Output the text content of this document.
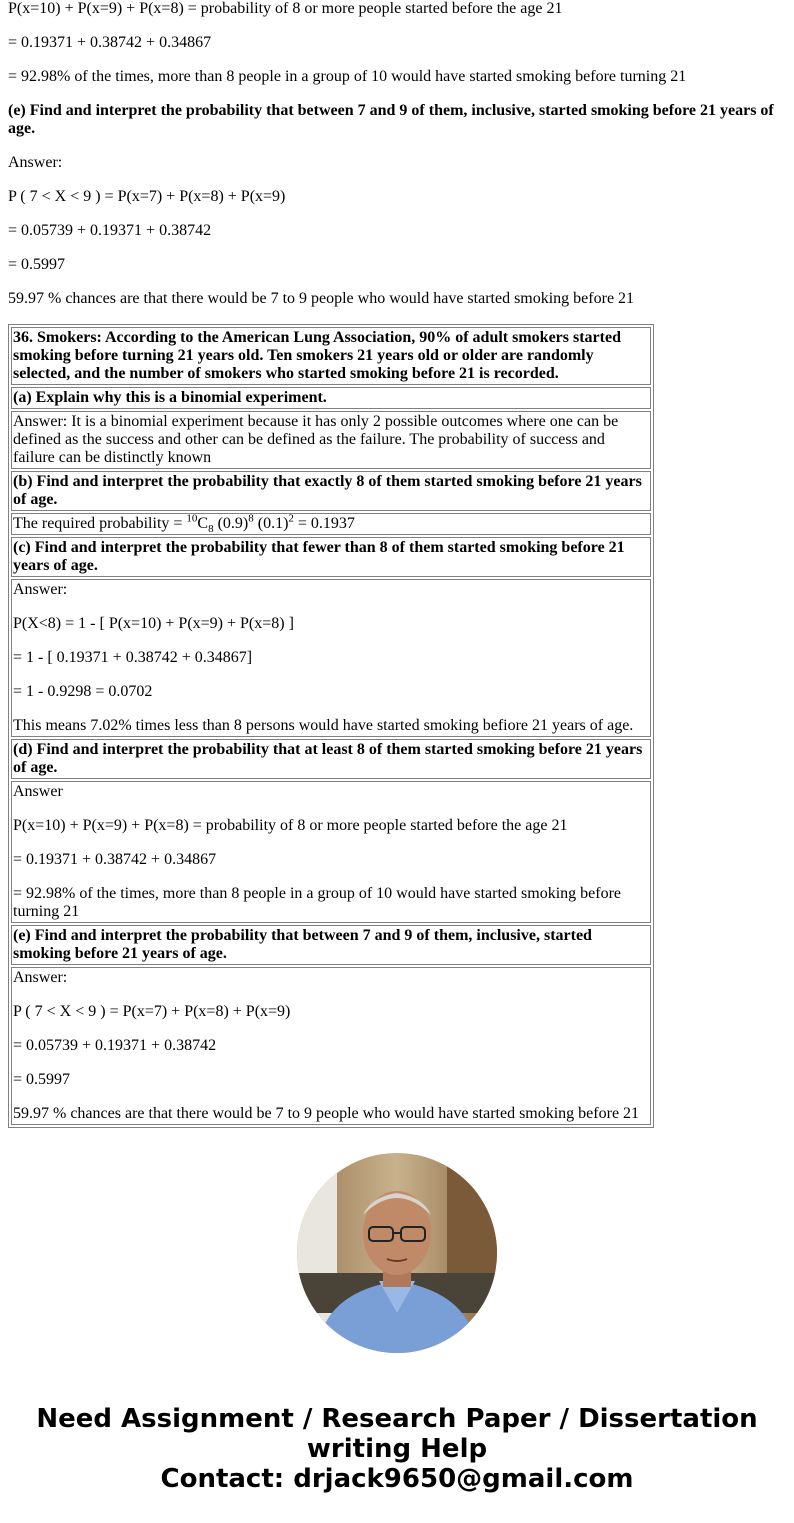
P(x=10) + P(x=9) + P(x=8) = probability of 8 or more people started before the age 21

= 0.19371 + 0.38742 + 0.34867

= 92.98% of the times, more than 8 people in a group of 10 would have started smoking before turning 21

(e) Find and interpret the probability that between 7 and 9 of them, inclusive, started smoking before 21 years of age.

Answer:

P ( 7 < X < 9 ) = P(x=7) + P(x=8) + P(x=9)

= 0.05739 + 0.19371 + 0.38742

= 0.5997

59.97 % chances are that there would be 7 to 9 people who would have started smoking before 21

36. Smokers: According to the American Lung Association, 90% of adult smokers started smoking before turning 21 years old. Ten smokers 21 years old or older are randomly selected, and the number of smokers who started smoking before 21 is recorded.
(a) Explain why this is a binomial experiment.
Answer: It is a binomial experiment because it has only 2 possible outcomes where one can be defined as the success and other can be defined as the failure. The probability of success and failure can be distinctly known
(b) Find and interpret the probability that exactly 8 of them started smoking before 21 years of age.
The required probability = $^{10}C_8$ $(0.9)^8$ $(0.1)^2 = 0.1937$
(c) Find and interpret the probability that fewer than 8 of them started smoking before 21 years of age.

Answer:

P(X<8) = 1 - [ P(x=10) + P(x=9) + P(x=8) ]

= 1 - [ 0.19371 + 0.38742 + 0.34867]

= 1 - 0.9298 = 0.0702

This means 7.02% times less than 8 persons would have started smoking befiore 21 years of age.

(d) Find and interpret the probability that at least 8 of them started smoking before 21 years of age.

Answer

P(x=10) + P(x=9) + P(x=8) = probability of 8 or more people started before the age 21

= 0.19371 + 0.38742 + 0.34867

= 92.98% of the times, more than 8 people in a group of 10 would have started smoking before turning 21

(e) Find and interpret the probability that between 7 and 9 of them, inclusive, started smoking before 21 years of age.

Answer:

P ( 7 < X < 9 ) = P(x=7) + P(x=8) + P(x=9)

= 0.05739 + 0.19371 + 0.38742

= 0.5997

59.97 % chances are that there would be 7 to 9 people who would have started smoking before 21

Need Assignment / Research Paper / Dissertation writing Help
Contact: drjack9650@gmail.com
